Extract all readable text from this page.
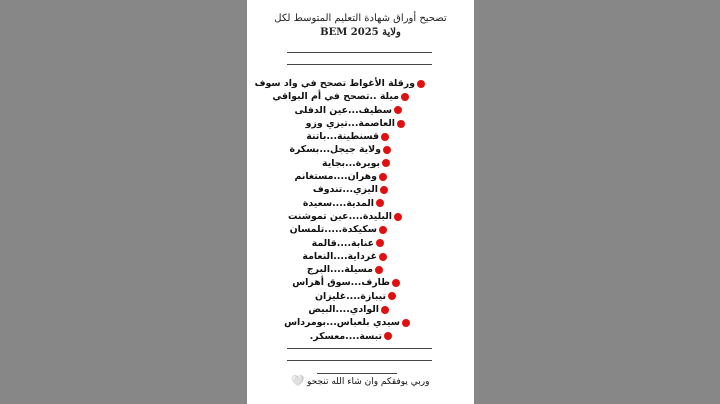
تصحيح أوراق شهادة التعليم المتوسط لكل
ولاية BEM 2025
ورقلة الأغواط تصحح في واد سوف
ميلة ..تصحح في أم البواقي
سطيف...عين الدفلى
العاصمة...تيزي وزو
قسنطينة...باتنة
ولاية جيجل...بسكرة
بويرة...بجاية
وهران....مستغانم
اليزي...تندوف
المدية....سعيدة
البليدة....عين تموشنت
سكيكدة.....تلمسان
عنابة....قالمة
غرداية....النعامة
مسيلة....البرج
طارف...سوق أهراس
تيبازة....غليزان
الوادي....البيض
سيدي بلعباس...بومرداس
تبسة....معسكر.
وربي يوفقكم وان شاء الله تنجحو🤍
